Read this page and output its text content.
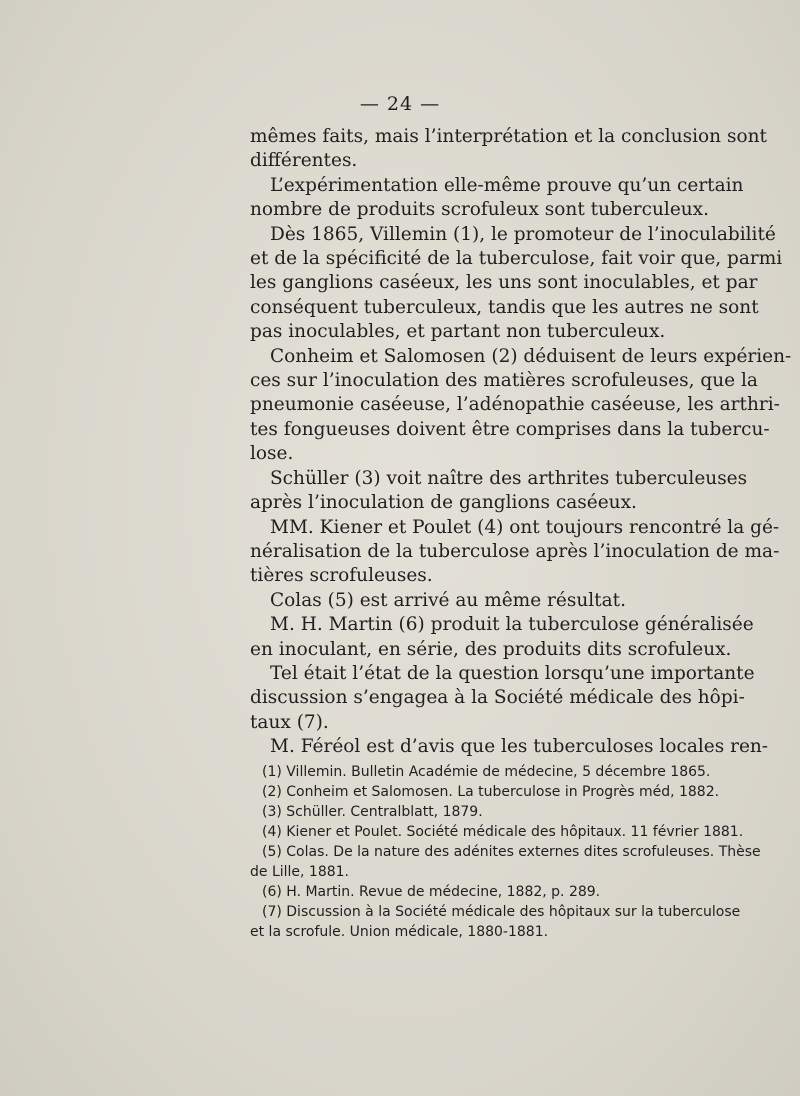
— 24 —
mêmes faits, mais l’interprétation et la conclusion sont
différentes.
L’expérimentation elle-même prouve qu’un certain
nombre de produits scrofuleux sont tuberculeux.
Dès 1865, Villemin (1), le promoteur de l’inoculabilité
et de la spécificité de la tuberculose, fait voir que, parmi
les ganglions caséeux, les uns sont inoculables, et par
conséquent tuberculeux, tandis que les autres ne sont
pas inoculables, et partant non tuberculeux.
Conheim et Salomosen (2) déduisent de leurs expérien-
ces sur l’inoculation des matières scrofuleuses, que la
pneumonie caséeuse, l’adénopathie caséeuse, les arthri-
tes fongueuses doivent être comprises dans la tubercu-
lose.
Schüller (3) voit naître des arthrites tuberculeuses
après l’inoculation de ganglions caséeux.
MM. Kiener et Poulet (4) ont toujours rencontré la gé-
néralisation de la tuberculose après l’inoculation de ma-
tières scrofuleuses.
Colas (5) est arrivé au même résultat.
M. H. Martin (6) produit la tuberculose généralisée
en inoculant, en série, des produits dits scrofuleux.
Tel était l’état de la question lorsqu’une importante
discussion s’engagea à la Société médicale des hôpi-
taux (7).
M. Féréol est d’avis que les tuberculoses locales ren-
(1) Villemin. Bulletin Académie de médecine, 5 décembre 1865.
(2) Conheim et Salomosen. La tuberculose in Progrès méd, 1882.
(3) Schüller. Centralblatt, 1879.
(4) Kiener et Poulet. Société médicale des hôpitaux. 11 février 1881.
(5) Colas. De la nature des adénites externes dites scrofuleuses. Thèse
de Lille, 1881.
(6) H. Martin. Revue de médecine, 1882, p. 289.
(7) Discussion à la Société médicale des hôpitaux sur la tuberculose
et la scrofule. Union médicale, 1880-1881.
